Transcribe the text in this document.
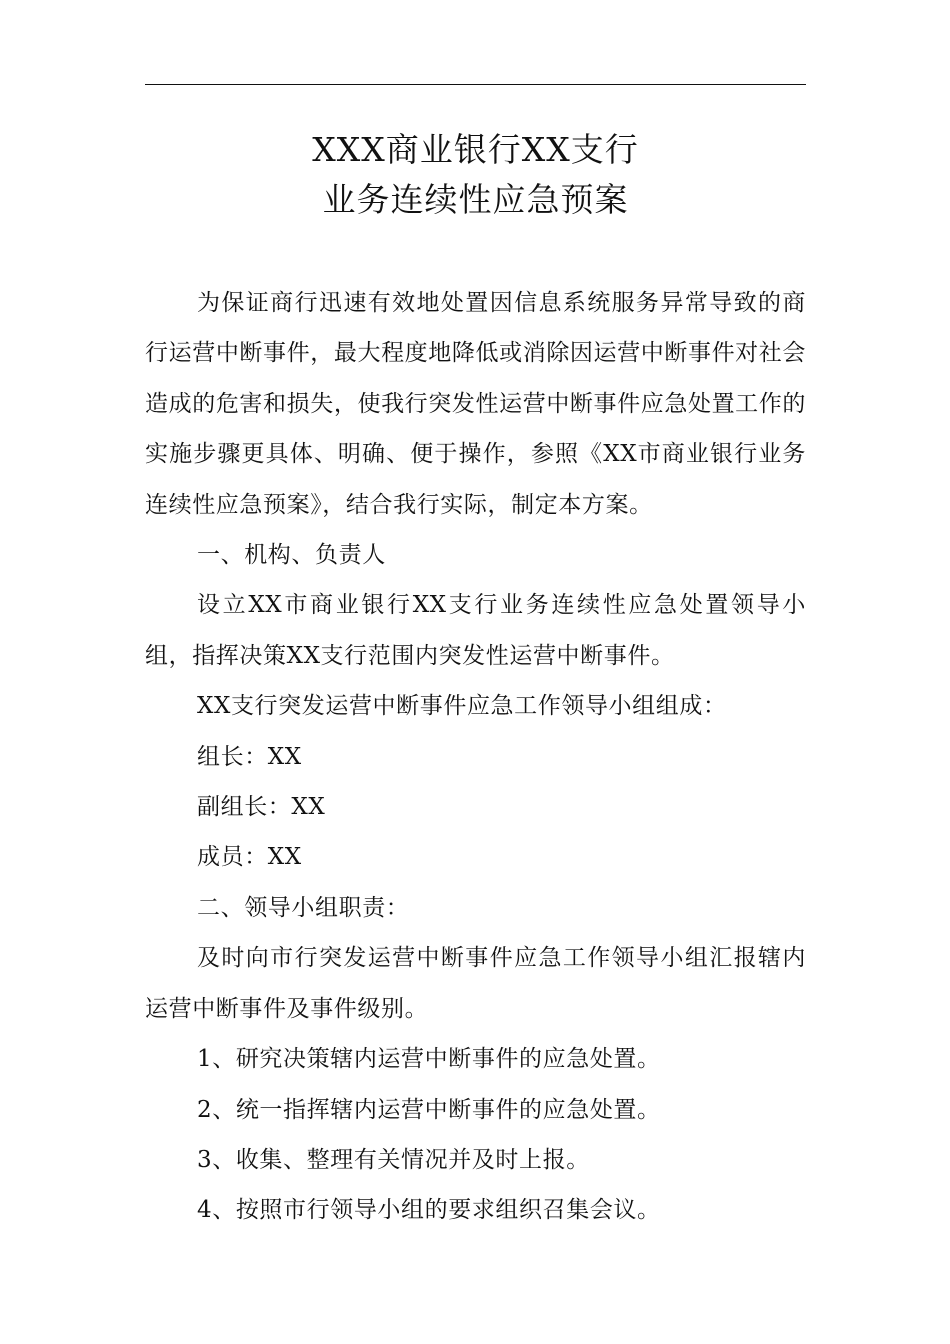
XXX商业银行XX支行
业务连续性应急预案

为保证商行迅速有效地处置因信息系统服务异常导致的商行运营中断事件，最大程度地降低或消除因运营中断事件对社会造成的危害和损失，使我行突发性运营中断事件应急处置工作的实施步骤更具体、明确、便于操作，参照《XX市商业银行业务连续性应急预案》，结合我行实际，制定本方案。

一、机构、负责人

设立XX市商业银行XX支行业务连续性应急处置领导小组，指挥决策XX支行范围内突发性运营中断事件。

XX支行突发运营中断事件应急工作领导小组组成：

组长：XX

副组长：XX

成员：XX

二、领导小组职责：

及时向市行突发运营中断事件应急工作领导小组汇报辖内运营中断事件及事件级别。

1、研究决策辖内运营中断事件的应急处置。

2、统一指挥辖内运营中断事件的应急处置。

3、收集、整理有关情况并及时上报。

4、按照市行领导小组的要求组织召集会议。
